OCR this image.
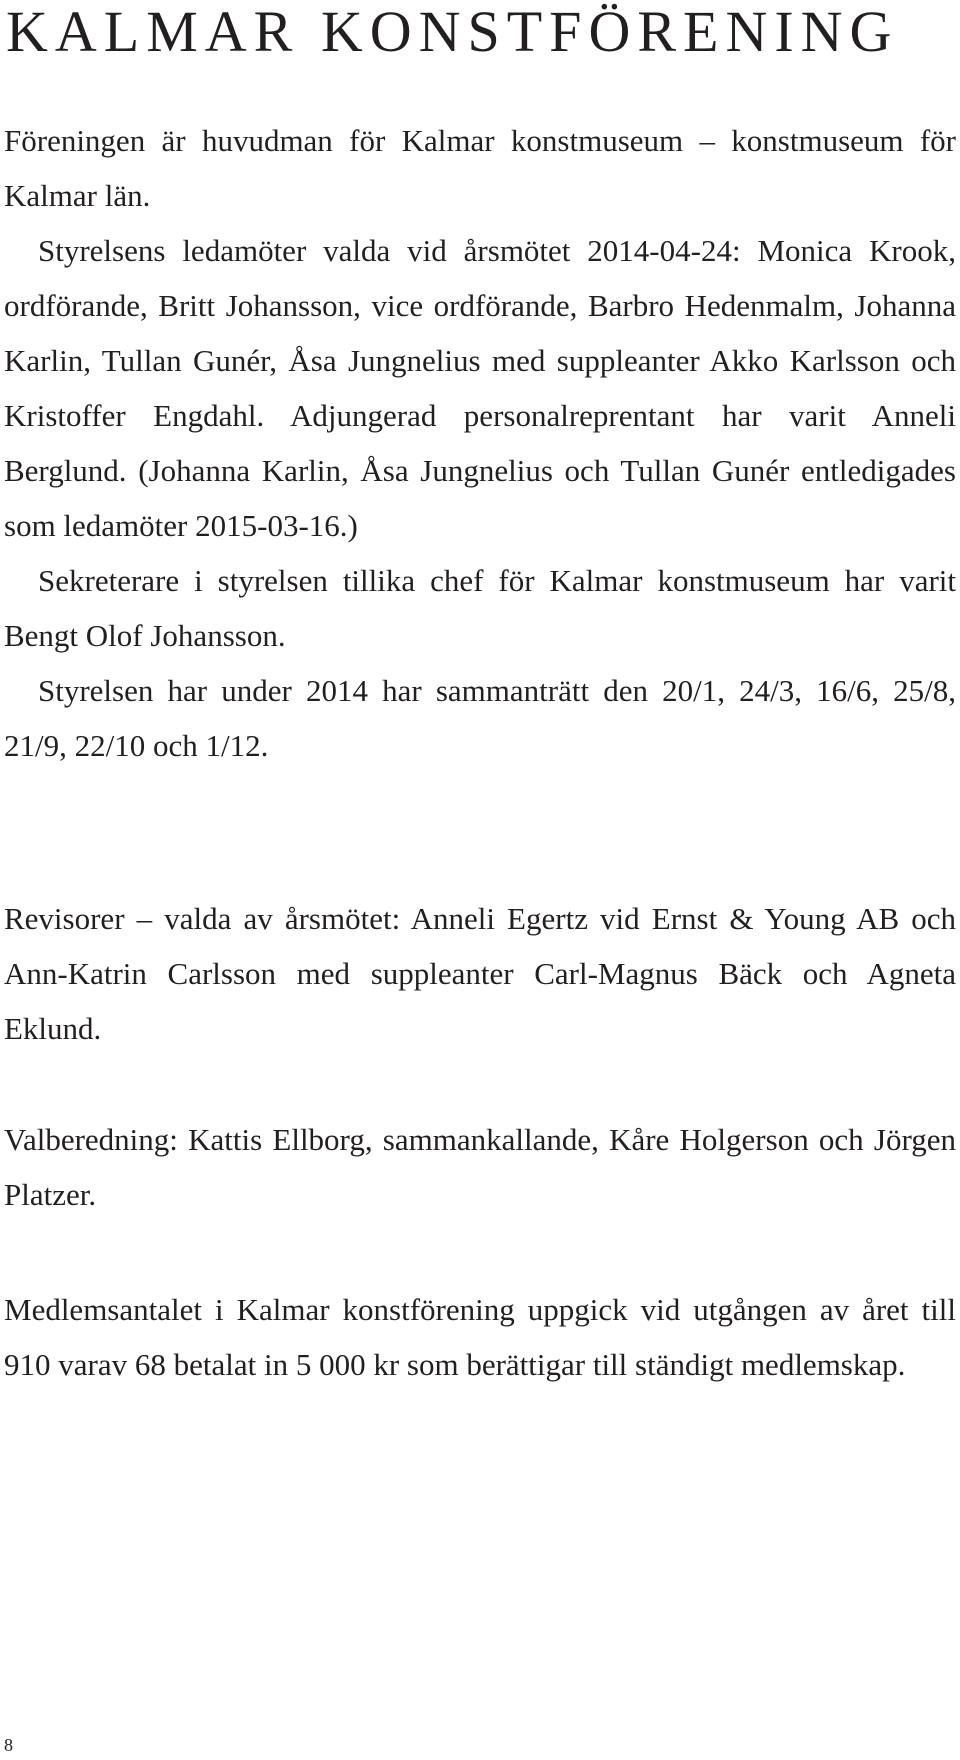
KALMAR KONSTFÖRENING

Föreningen är huvudman för Kalmar konstmuseum – konstmuseum för Kalmar län.

Styrelsens ledamöter valda vid årsmötet 2014-04-24: Monica Krook, ordförande, Britt Johansson, vice ordförande, Barbro Hedenmalm, Johanna Karlin, Tullan Gunér, Åsa Jungnelius med suppleanter Akko Karlsson och Kristoffer Engdahl. Adjungerad personalreprentant har varit Anneli Berglund. (Johanna Karlin, Åsa Jungnelius och Tullan Gunér entledigades som ledamöter 2015-03-16.)

Sekreterare i styrelsen tillika chef för Kalmar konstmuseum har varit Bengt Olof Johansson.

Styrelsen har under 2014 har sammanträtt den 20/1, 24/3, 16/6, 25/8, 21/9, 22/10 och 1/12.

Revisorer – valda av årsmötet: Anneli Egertz vid Ernst & Young AB och Ann-Katrin Carlsson med suppleanter Carl-Magnus Bäck och Agneta Eklund.

Valberedning: Kattis Ellborg, sammankallande, Kåre Holgerson och Jörgen Platzer.

Medlemsantalet i Kalmar konstförening uppgick vid utgången av året till 910 varav 68 betalat in 5 000 kr som berättigar till ständigt medlemskap.

8
